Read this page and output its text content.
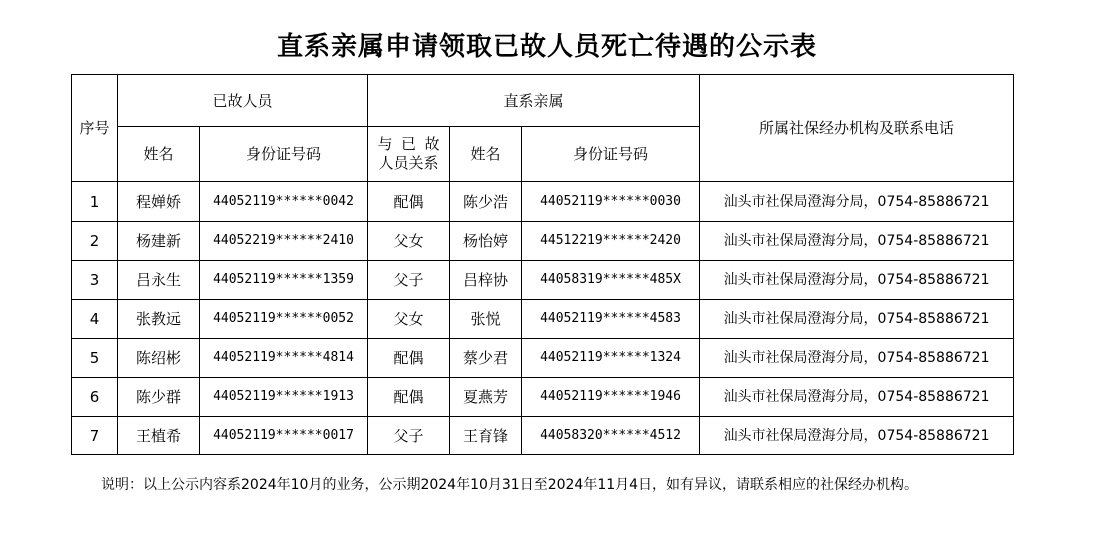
直系亲属申请领取已故人员死亡待遇的公示表
序号	已故人员		直系亲属			所属社保经办机构及联系电话
	姓名	身份证号码	与 已 故
人员关系	姓名	身份证号码	
1	程婵娇	44052119******0042	配偶	陈少浩	44052119******0030	汕头市社保局澄海分局，0754-85886721
2	杨建新	44052219******2410	父女	杨怡婷	44512219******2420	汕头市社保局澄海分局，0754-85886721
3	吕永生	44052119******1359	父子	吕梓协	44058319******485X	汕头市社保局澄海分局，0754-85886721
4	张教远	44052119******0052	父女	张悦	44052119******4583	汕头市社保局澄海分局，0754-85886721
5	陈绍彬	44052119******4814	配偶	蔡少君	44052119******1324	汕头市社保局澄海分局，0754-85886721
6	陈少群	44052119******1913	配偶	夏燕芳	44052119******1946	汕头市社保局澄海分局，0754-85886721
7	王植希	44052119******0017	父子	王育锋	44058320******4512	汕头市社保局澄海分局，0754-85886721
说明：以上公示内容系2024年10月的业务，公示期2024年10月31日至2024年11月4日，如有异议，请联系相应的社保经办机构。
